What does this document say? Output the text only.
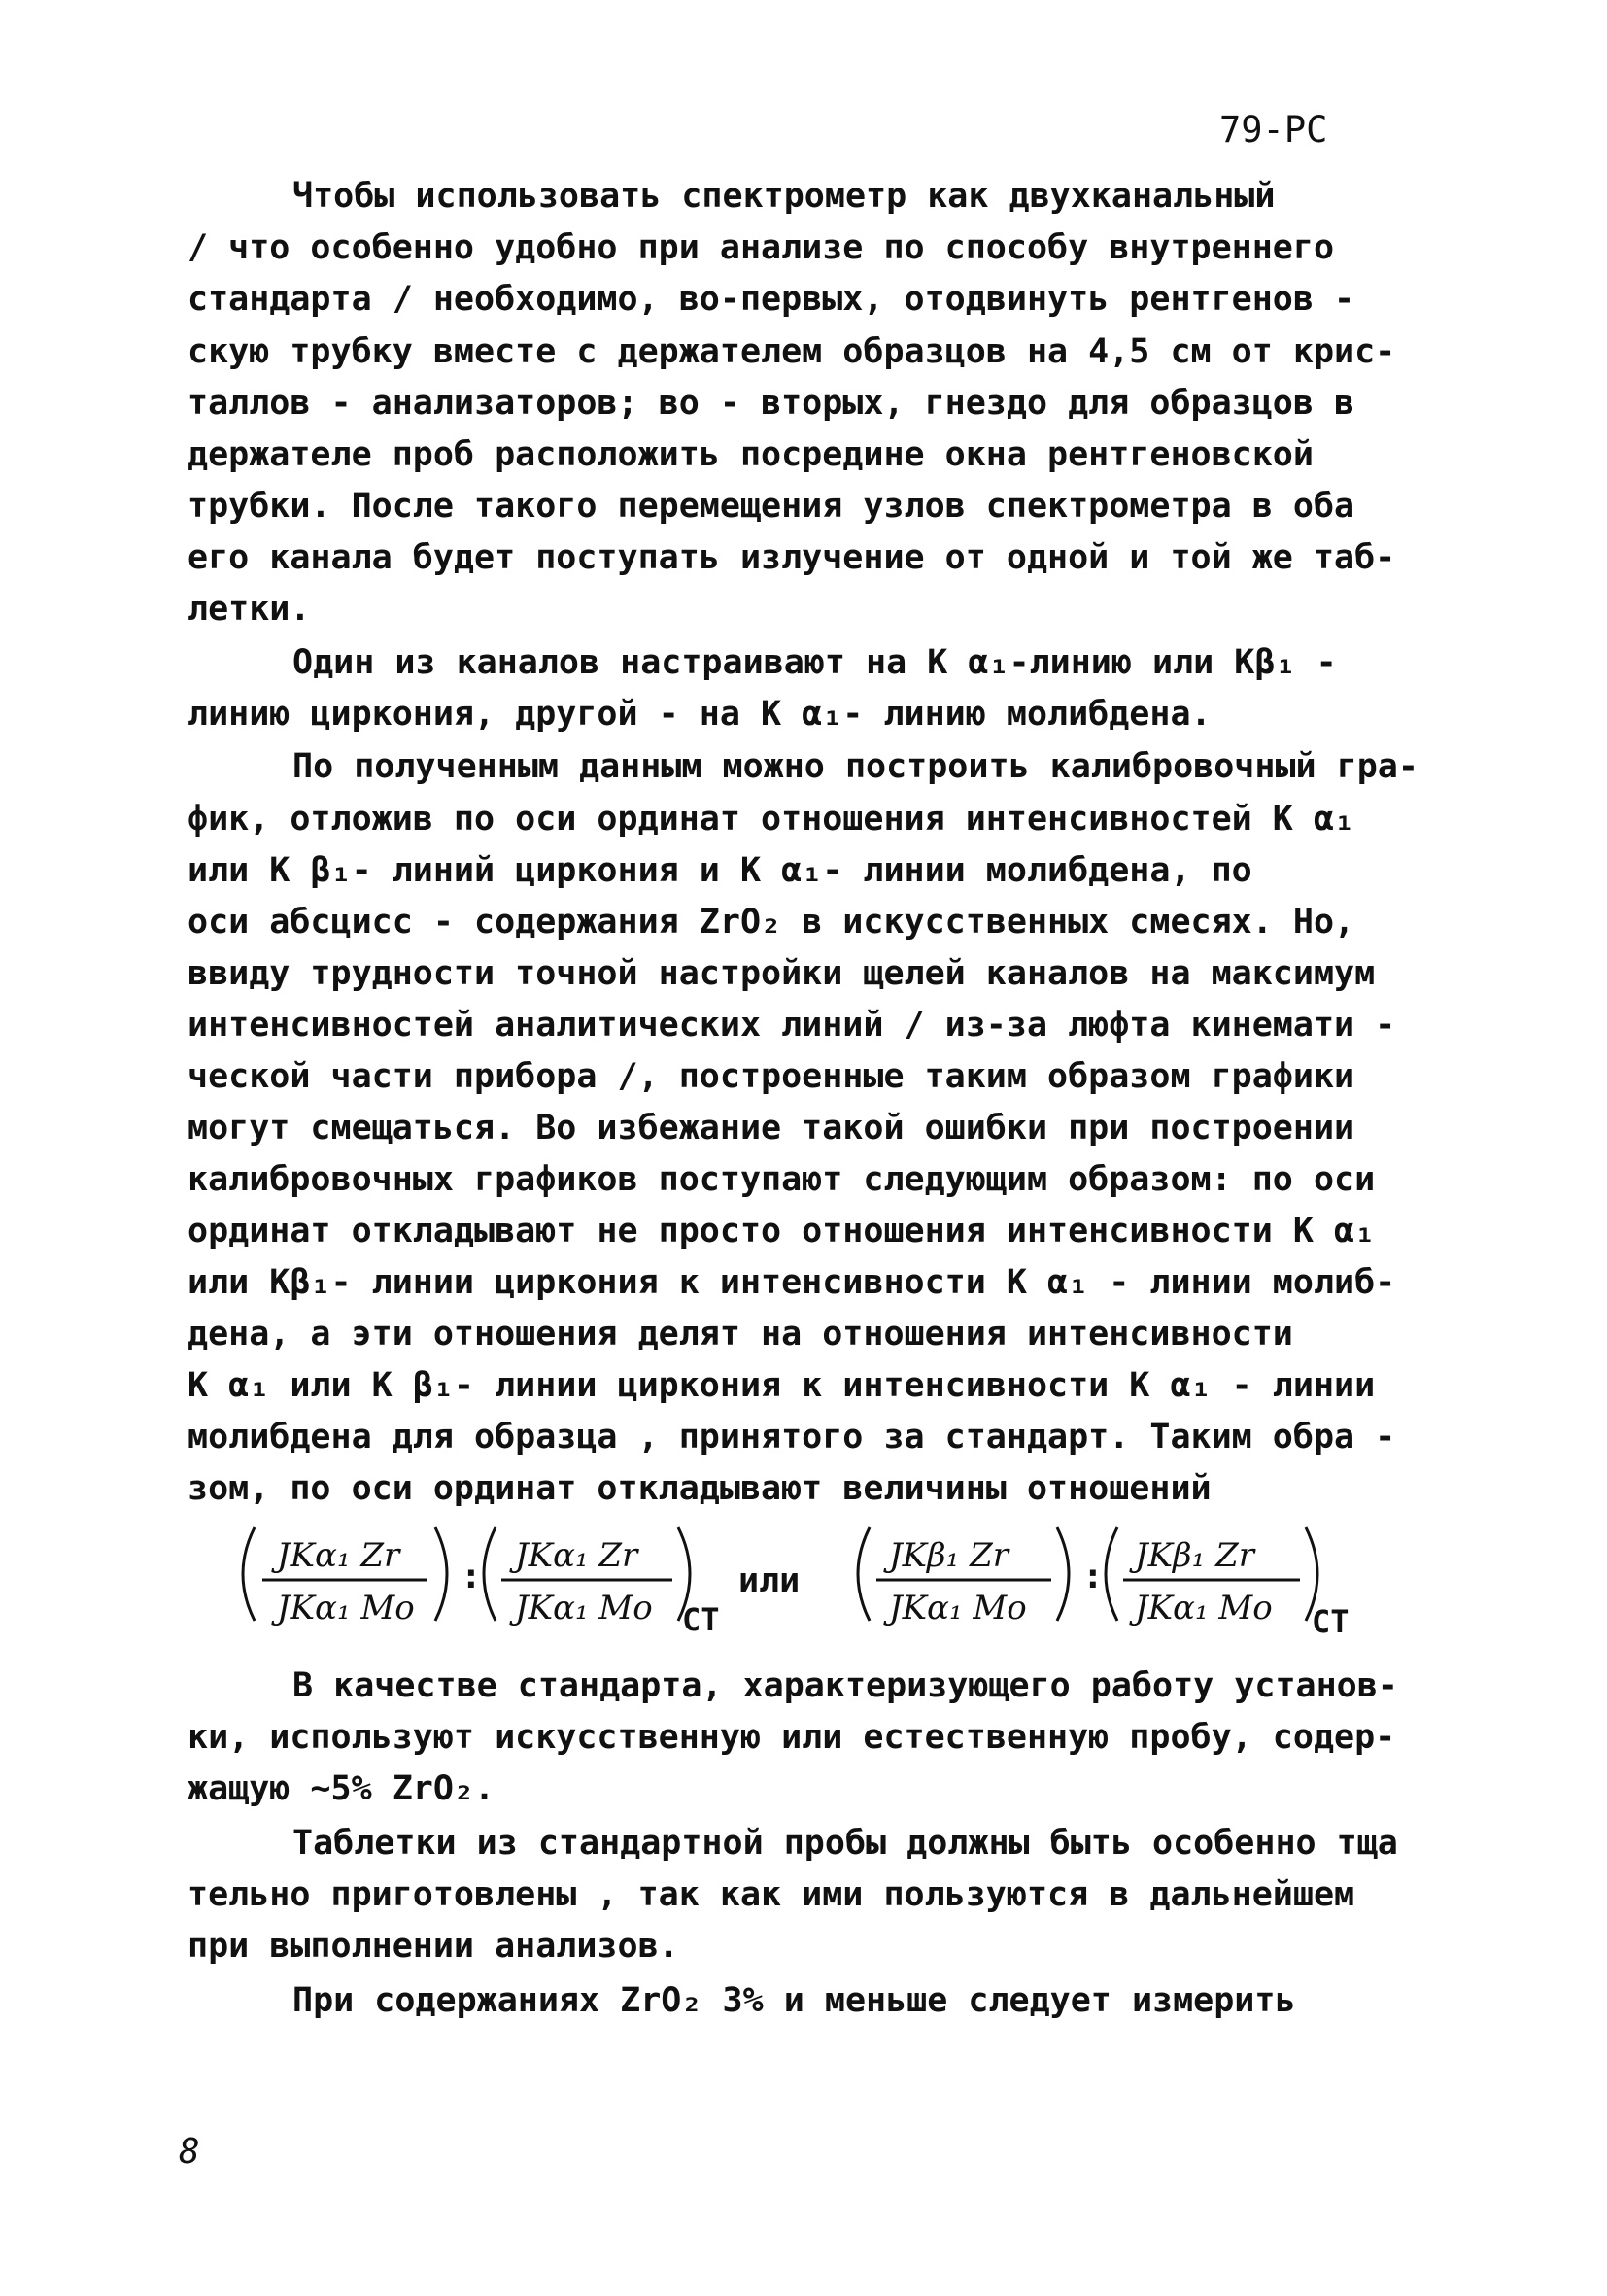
79-PC
Чтобы использовать спектрометр как двухканальный
/ что особенно удобно при анализе по способу внутреннего
стандарта / необходимо, во-первых, отодвинуть рентгенов -
скую трубку вместе с держателем образцов на 4,5 см от крис-
таллов - анализаторов; во - вторых, гнездо для образцов в
держателе проб расположить посредине окна рентгеновской
трубки. После такого перемещения узлов спектрометра в оба
его канала будет поступать излучение от одной и той же таб-
летки.
Один из каналов настраивают на K α₁-линию или Kβ₁ -
линию циркония, другой - на K α₁- линию молибдена.
По полученным данным можно построить калибровочный гра-
фик, отложив по оси ординат отношения интенсивностей K α₁
или K β₁- линий циркония и K α₁- линии молибдена, по
оси абсцисс - содержания ZrO₂ в искусственных смесях. Но,
ввиду трудности точной настройки щелей каналов на максимум
интенсивностей аналитических линий / из-за люфта кинемати -
ческой части прибора /, построенные таким образом графики
могут смещаться. Во избежание такой ошибки при построении
калибровочных графиков поступают следующим образом: по оси
ординат откладывают не просто отношения интенсивности K α₁
или Kβ₁- линии циркония к интенсивности K α₁ - линии молиб-
дена, а эти отношения делят на отношения интенсивности
K α₁ или K β₁- линии циркония к интенсивности K α₁ - линии
молибдена для образца , принятого за стандарт. Таким обра -
зом, по оси ординат откладывают величины отношений
JKα₁ Zr
JKα₁ Mo
:
JKα₁ Zr
JKα₁ Mo CT
или
JKβ₁ Zr
JKα₁ Mo
:
JKβ₁ Zr
JKα₁ Mo CT
В качестве стандарта, характеризующего работу установ-
ки, используют искусственную или естественную пробу, содер-
жащую ~5% ZrO₂.
Таблетки из стандартной пробы должны быть особенно тща
тельно приготовлены , так как ими пользуются в дальнейшем
при выполнении анализов.
При содержаниях ZrO₂ 3% и меньше следует измерить
8
